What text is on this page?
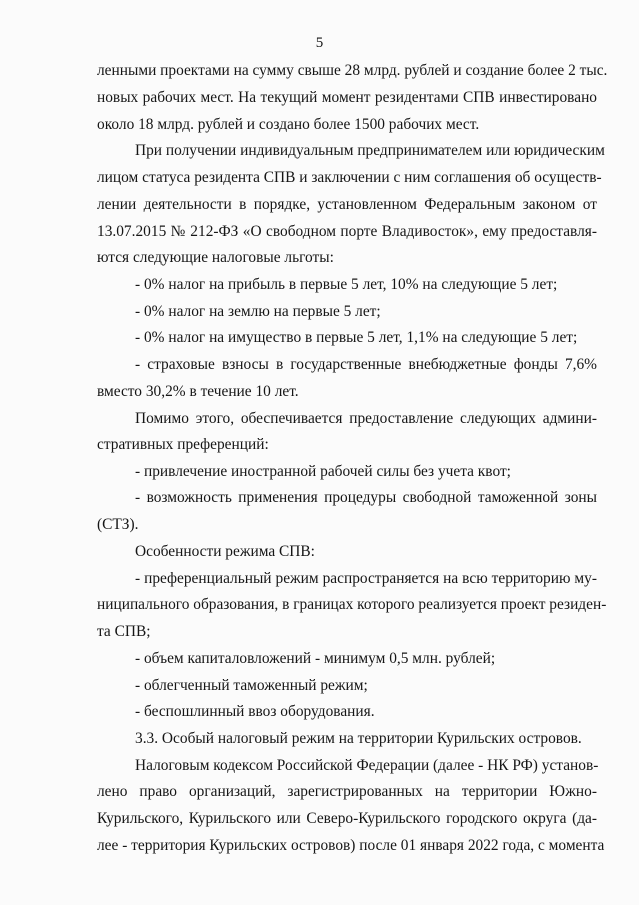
5
ленными проектами на сумму свыше 28 млрд. рублей и создание более 2 тыс.
новых рабочих мест. На текущий момент резидентами СПВ инвестировано
около 18 млрд. рублей и создано более 1500 рабочих мест.
При получении индивидуальным предпринимателем или юридическим
лицом статуса резидента СПВ и заключении с ним соглашения об осуществ-
лении деятельности в порядке, установленном Федеральным законом от
13.07.2015 № 212-ФЗ «О свободном порте Владивосток», ему предоставля-
ются следующие налоговые льготы:
- 0% налог на прибыль в первые 5 лет, 10% на следующие 5 лет;
- 0% налог на землю на первые 5 лет;
- 0% налог на имущество в первые 5 лет, 1,1% на следующие 5 лет;
- страховые взносы в государственные внебюджетные фонды 7,6%
вместо 30,2% в течение 10 лет.
Помимо этого, обеспечивается предоставление следующих админи-
стративных преференций:
- привлечение иностранной рабочей силы без учета квот;
- возможность применения процедуры свободной таможенной зоны
(СТЗ).
Особенности режима СПВ:
- преференциальный режим распространяется на всю территорию му-
ниципального образования, в границах которого реализуется проект резиден-
та СПВ;
- объем капиталовложений - минимум 0,5 млн. рублей;
- облегченный таможенный режим;
- беспошлинный ввоз оборудования.
3.3. Особый налоговый режим на территории Курильских островов.
Налоговым кодексом Российской Федерации (далее - НК РФ) установ-
лено право организаций, зарегистрированных на территории Южно-
Курильского, Курильского или Северо-Курильского городского округа (да-
лее - территория Курильских островов) после 01 января 2022 года, с момента
